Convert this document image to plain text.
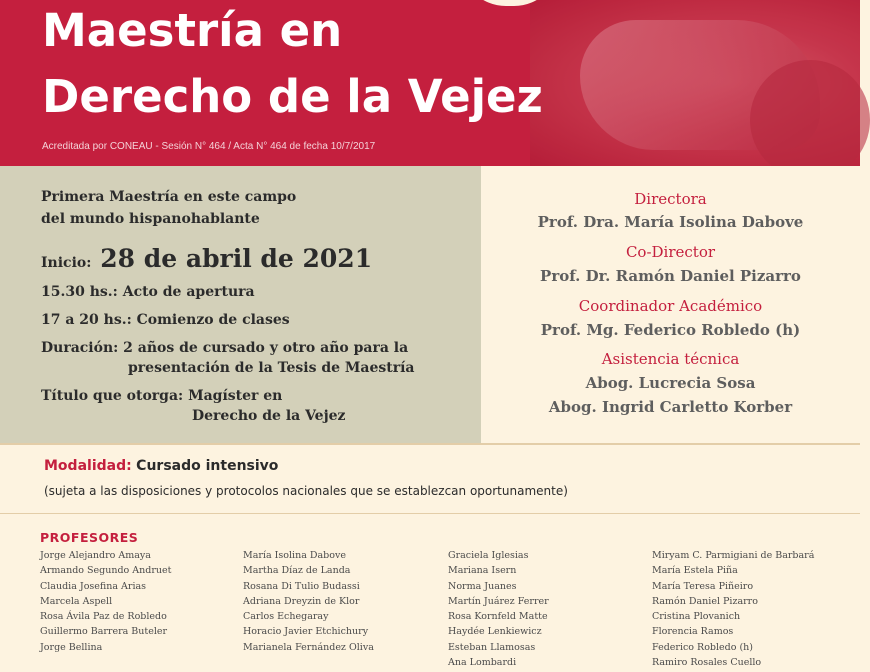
Maestría en
Derecho de la Vejez
Acreditada por CONEAU - Sesión N° 464 / Acta N° 464 de fecha 10/7/2017
Primera Maestría en este campo
del mundo hispanohablante
Inicio: 28 de abril de 2021
15.30 hs.: Acto de apertura
17 a 20 hs.: Comienzo de clases
Duración: 2 años de cursado y otro año para la
presentación de la Tesis de Maestría
Título que otorga: Magíster en
Derecho de la Vejez
Directora
Prof. Dra. María Isolina Dabove
Co-Director
Prof. Dr. Ramón Daniel Pizarro
Coordinador Académico
Prof. Mg. Federico Robledo (h)
Asistencia técnica
Abog. Lucrecia Sosa
Abog. Ingrid Carletto Korber
Modalidad: Cursado intensivo
(sujeta a las disposiciones y protocolos nacionales que se establezcan oportunamente)
PROFESORES
Jorge Alejandro Amaya
Armando Segundo Andruet
Claudia Josefina Arias
Marcela Aspell
Rosa Ávila Paz de Robledo
Guillermo Barrera Buteler
Jorge Bellina
María Isolina Dabove
Martha Díaz de Landa
Rosana Di Tulio Budassi
Adriana Dreyzin de Klor
Carlos Echegaray
Horacio Javier Etchichury
Marianela Fernández Oliva
Graciela Iglesias
Mariana Isern
Norma Juanes
Martín Juárez Ferrer
Rosa Kornfeld Matte
Haydée Lenkiewicz
Esteban Llamosas
Ana Lombardi
Miryam C. Parmigiani de Barbará
María Estela Piña
María Teresa Piñeiro
Ramón Daniel Pizarro
Cristina Plovanich
Florencia Ramos
Federico Robledo (h)
Ramiro Rosales Cuello
